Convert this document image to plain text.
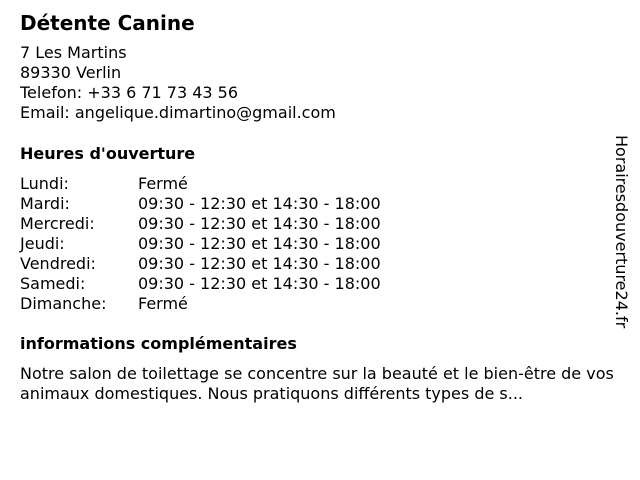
Détente Canine
7 Les Martins
89330 Verlin
Telefon: +33 6 71 73 43 56
Email: angelique.dimartino@gmail.com
Heures d'ouverture
Lundi:	Fermé
Mardi:	09:30 - 12:30 et 14:30 - 18:00
Mercredi:	09:30 - 12:30 et 14:30 - 18:00
Jeudi:	09:30 - 12:30 et 14:30 - 18:00
Vendredi:	09:30 - 12:30 et 14:30 - 18:00
Samedi:	09:30 - 12:30 et 14:30 - 18:00
Dimanche: Fermé
informations complémentaires
Notre salon de toilettage se concentre sur la beauté et le bien-être de vos animaux domestiques. Nous pratiquons différents types de s...
Horairesdouverture24.fr
